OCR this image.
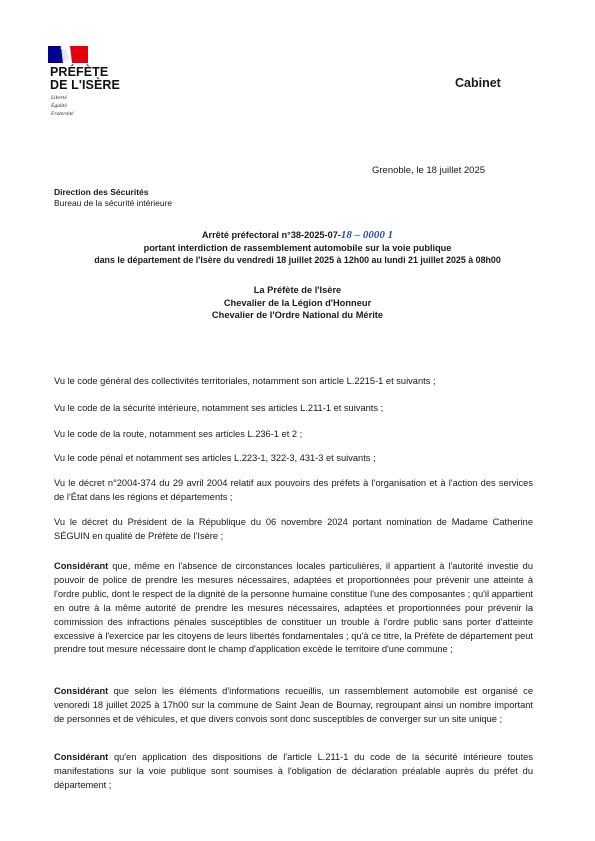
PRÉFÈTE
DE L'ISÈRE
Liberté
Égalité
Fraternité
Cabinet
Grenoble, le 18 juillet 2025
Direction des Sécurités
Bureau de la sécurité intérieure
Arrêté préfectoral n°38-2025-07-18 – 0000 1
portant interdiction de rassemblement automobile sur la voie publique
dans le département de l'Isère du vendredi 18 juillet 2025 à 12h00 au lundi 21 juillet 2025 à 08h00
La Préfète de l'Isère
Chevalier de la Légion d'Honneur
Chevalier de l'Ordre National du Mérite
Vu le code général des collectivités territoriales, notamment son article L.2215-1 et suivants ;
Vu le code de la sécurité intérieure, notamment ses articles L.211-1 et suivants ;
Vu le code de la route, notamment ses articles L.236-1 et 2 ;
Vu le code pénal et notamment ses articles L.223-1, 322-3, 431-3 et suivants ;
Vu le décret n°2004-374 du 29 avril 2004 relatif aux pouvoirs des préfets à l'organisation et à l'action des services de l'État dans les régions et départements ;
Vu le décret du Président de la République du 06 novembre 2024 portant nomination de Madame Catherine SÉGUIN en qualité de Préfète de l'Isère ;
Considérant que, même en l'absence de circonstances locales particulières, il appartient à l'autorité investie du pouvoir de police de prendre les mesures nécessaires, adaptées et proportionnées pour prévenir une atteinte à l'ordre public, dont le respect de la dignité de la personne humaine constitue l'une des composantes ; qu'il appartient en outre à la même autorité de prendre les mesures nécessaires, adaptées et proportionnées pour prévenir la commission des infractions pénales susceptibles de constituer un trouble à l'ordre public sans porter d'atteinte excessive à l'exercice par les citoyens de leurs libertés fondamentales ; qu'à ce titre, la Préfète de département peut prendre tout mesure nécessaire dont le champ d'application excède le territoire d'une commune ;
Considérant que selon les éléments d'informations recueillis, un rassemblement automobile est organisé ce venoredi 18 juillet 2025 à 17h00 sur la commune de Saint Jean de Bournay, regroupant ainsi un nombre important de personnes et de véhicules, et que divers convois sont donc susceptibles de converger sur un site unique ;
Considérant qu'en application des dispositions de l'article L.211-1 du code de la sécurité intérieure toutes manifestations sur la voie publique sont soumises à l'obligation de déclaration préalable auprès du préfet du département ;
